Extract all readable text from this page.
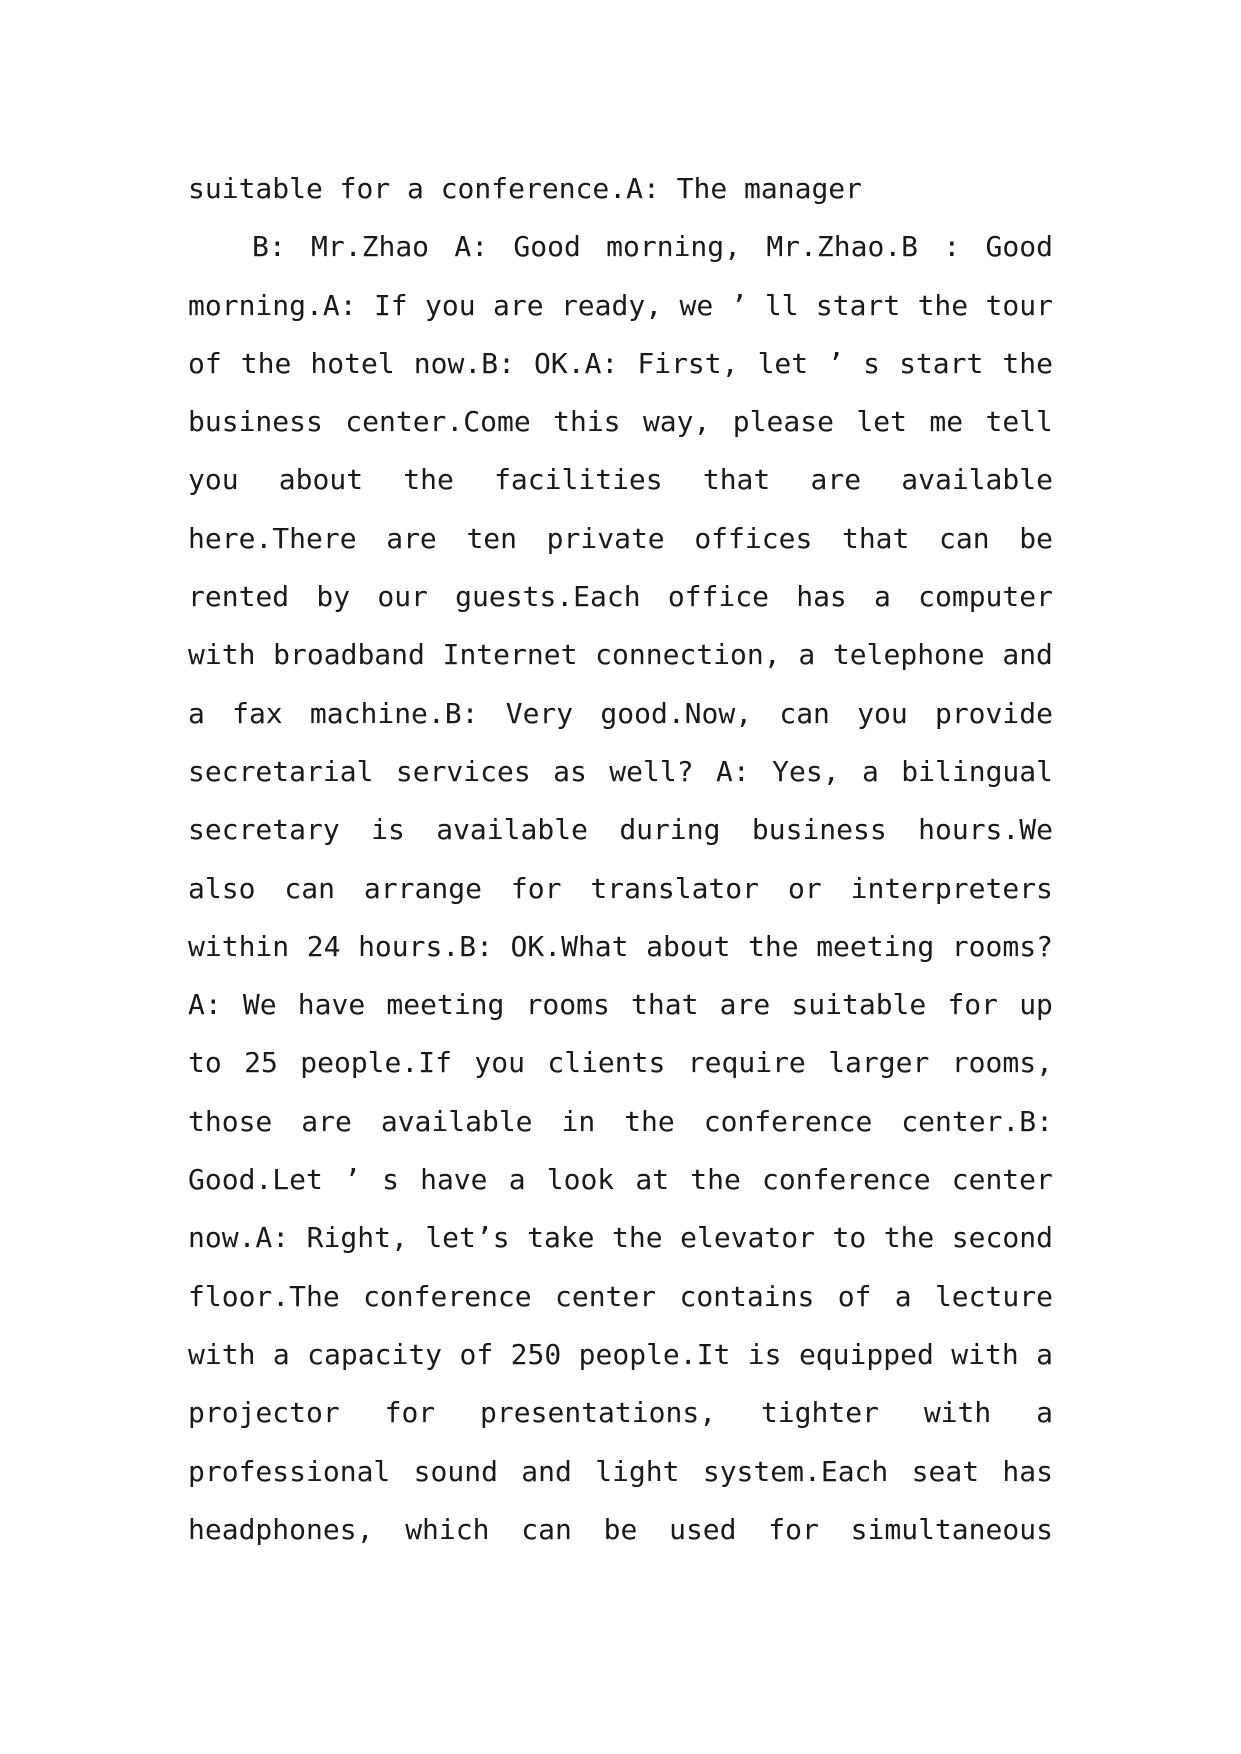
suitable for a conference.A: The manager
B: Mr.Zhao A: Good morning, Mr.Zhao.B : Good
morning.A: If you are ready, we ’ ll start the tour
of the hotel now.B: OK.A: First, let ’ s start the
business center.Come this way, please let me tell
you about the facilities that are available
here.There are ten private offices that can be
rented by our guests.Each office has a computer
with broadband Internet connection, a telephone and
a fax machine.B: Very good.Now, can you provide
secretarial services as well? A: Yes, a bilingual
secretary is available during business hours.We
also can arrange for translator or interpreters
within 24 hours.B: OK.What about the meeting rooms?
A: We have meeting rooms that are suitable for up
to 25 people.If you clients require larger rooms,
those are available in the conference center.B:
Good.Let ’ s have a look at the conference center
now.A: Right, let’s take the elevator to the second
floor.The conference center contains of a lecture
with a capacity of 250 people.It is equipped with a
projector for presentations, tighter with a
professional sound and light system.Each seat has
headphones, which can be used for simultaneous
